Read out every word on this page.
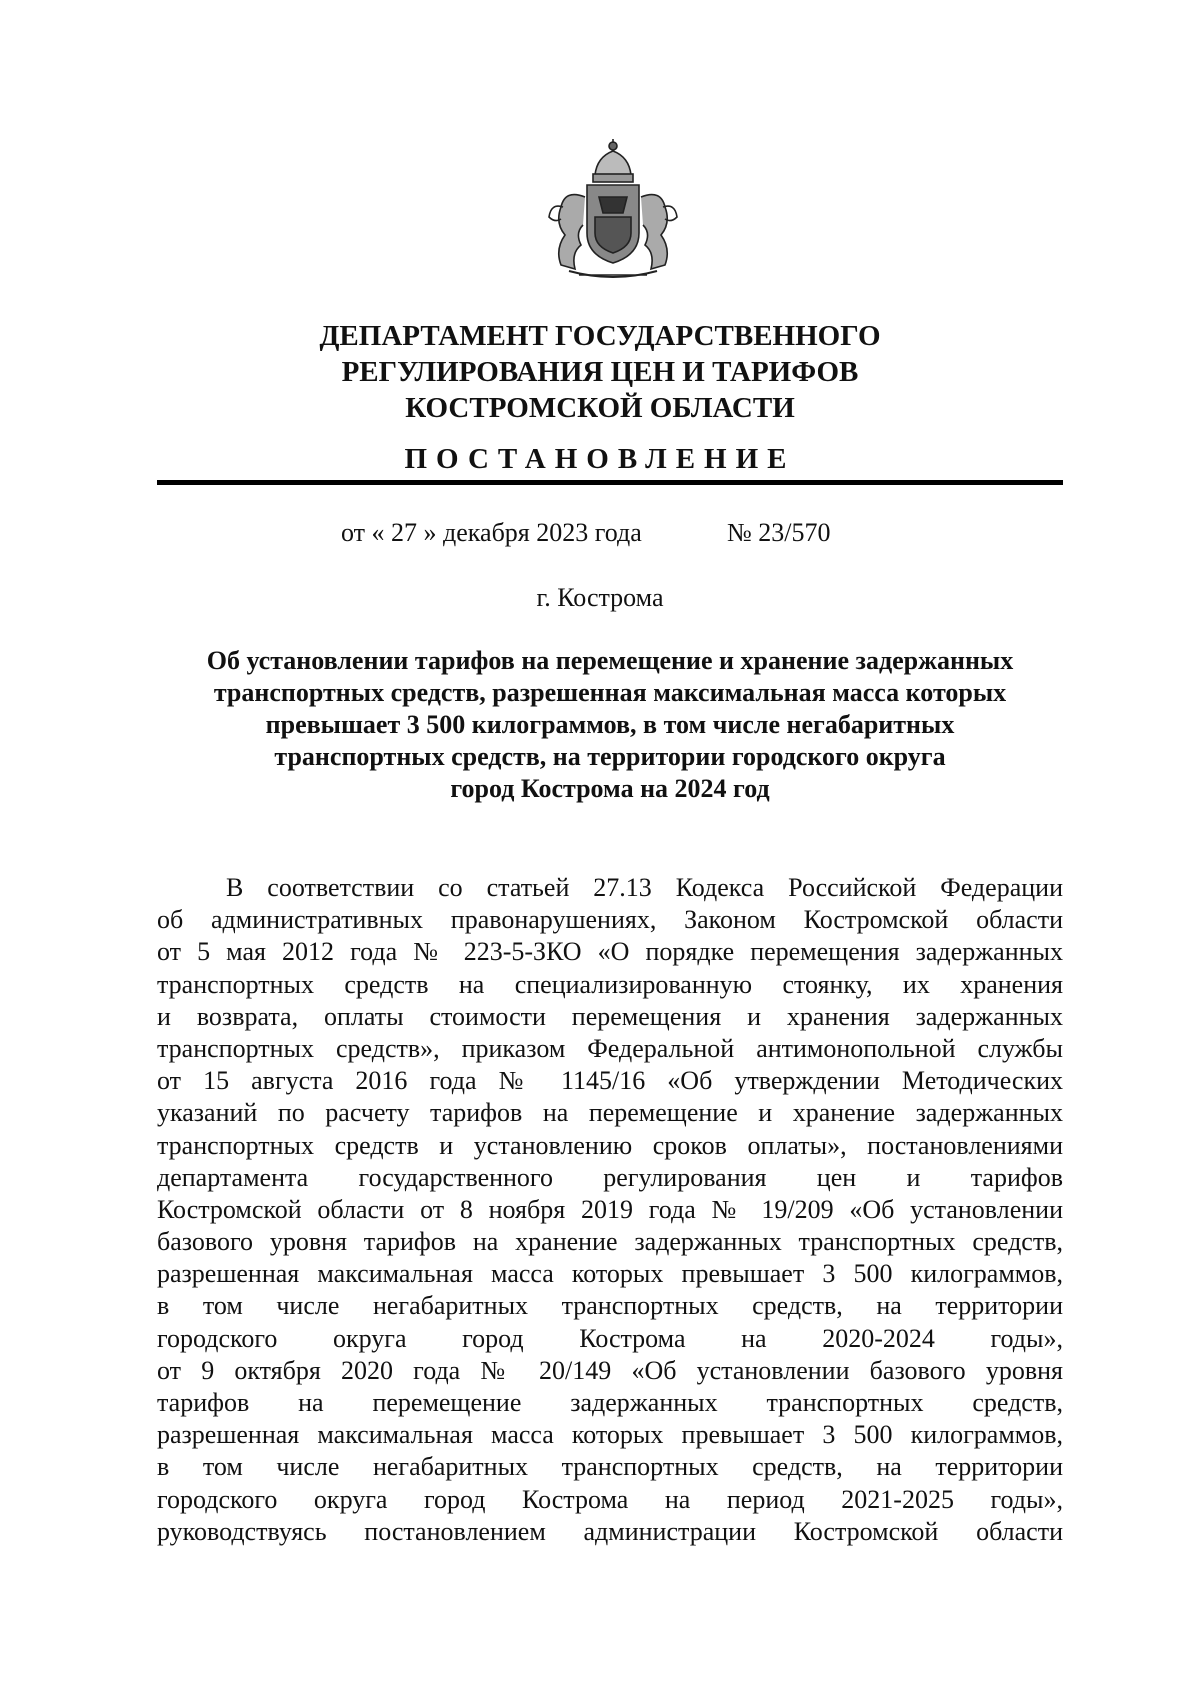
ДЕПАРТАМЕНТ ГОСУДАРСТВЕННОГО
РЕГУЛИРОВАНИЯ ЦЕН И ТАРИФОВ
КОСТРОМСКОЙ ОБЛАСТИ
ПОСТАНОВЛЕНИЕ
от « 27 » декабря 2023 года	№ 23/570
г. Кострома
Об установлении тарифов на перемещение и хранение задержанных
транспортных средств, разрешенная максимальная масса которых
превышает 3 500 килограммов, в том числе негабаритных
транспортных средств, на территории городского округа
город Кострома на 2024 год
В соответствии со статьей 27.13 Кодекса Российской Федерации
об административных правонарушениях, Законом Костромской области
от 5 мая 2012 года № 223-5-ЗКО «О порядке перемещения задержанных
транспортных средств на специализированную стоянку, их хранения
и возврата, оплаты стоимости перемещения и хранения задержанных
транспортных средств», приказом Федеральной антимонопольной службы
от 15 августа 2016 года № 1145/16 «Об утверждении Методических
указаний по расчету тарифов на перемещение и хранение задержанных
транспортных средств и установлению сроков оплаты», постановлениями
департамента государственного регулирования цен и тарифов
Костромской области от 8 ноября 2019 года № 19/209 «Об установлении
базового уровня тарифов на хранение задержанных транспортных средств,
разрешенная максимальная масса которых превышает 3 500 килограммов,
в том числе негабаритных транспортных средств, на территории
городского округа город Кострома на 2020-2024 годы»,
от 9 октября 2020 года № 20/149 «Об установлении базового уровня
тарифов на перемещение задержанных транспортных средств,
разрешенная максимальная масса которых превышает 3 500 килограммов,
в том числе негабаритных транспортных средств, на территории
городского округа город Кострома на период 2021-2025 годы»,
руководствуясь постановлением администрации Костромской области
